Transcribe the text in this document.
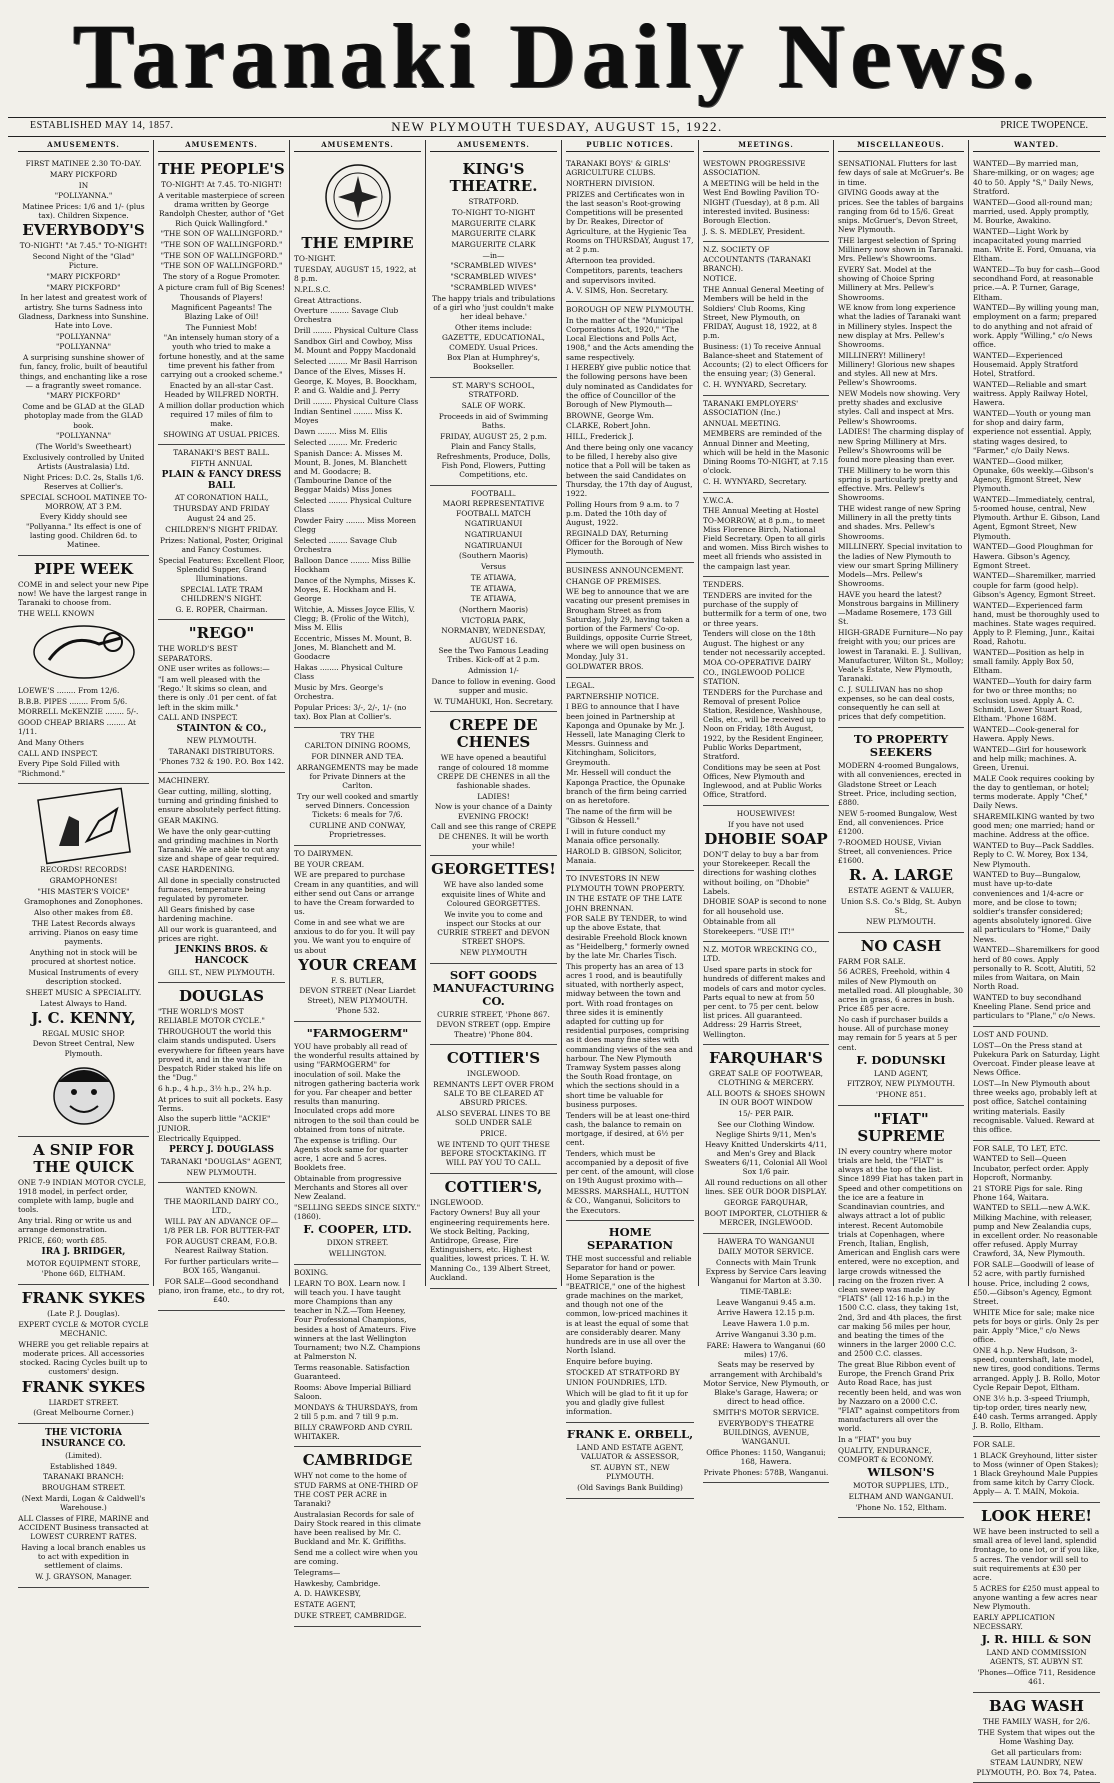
Taranaki Daily News.
ESTABLISHED MAY 14, 1857.	NEW PLYMOUTH TUESDAY, AUGUST 15, 1922.	PRICE TWOPENCE.
AMUSEMENTS.

FIRST MATINEE 2.30 TO-DAY.

MARY PICKFORD

IN

"POLLYANNA."

Matinee Prices: 1/6 and 1/- (plus tax). Children Sixpence.

EVERYBODY'S

TO-NIGHT! "At 7.45." TO-NIGHT!

Second Night of the "Glad" Picture.

"MARY PICKFORD"

"MARY PICKFORD"

In her latest and greatest work of artistry. She turns Sadness into Gladness, Darkness into Sunshine. Hate into Love.

"POLLYANNA"

"POLLYANNA"

A surprising sunshine shower of fun, fancy, frolic, built of beautiful things, and enchanting like a rose — a fragrantly sweet romance.

"MARY PICKFORD"

Come and be GLAD at the GLAD photoplay made from the GLAD book.

"POLLYANNA"

(The World's Sweetheart)

Exclusively controlled by United Artists (Australasia) Ltd.

Night Prices: D.C. 2s, Stalls 1/6. Reserves at Collier's.

SPECIAL SCHOOL MATINEE TO-MORROW, AT 3 P.M.

Every Kiddy should see "Pollyanna." Its effect is one of lasting good. Children 6d. to Matinee.

PIPE WEEK

COME in and select your new Pipe now! We have the largest range in Taranaki to choose from.

THE WELL KNOWN

LOEWE'S ........ From 12/6.

B.B.B. PIPES ........ From 5/6.

MORRELL McKENZIE ........ 5/-.

GOOD CHEAP BRIARS ........ At 1/11.

And Many Others

CALL AND INSPECT.

Every Pipe Sold Filled with "Richmond."

RECORDS! RECORDS!

GRAMOPHONES!

"HIS MASTER'S VOICE"

Gramophones and Zonophones.

Also other makes from £8.

THE Latest Records always arriving. Pianos on easy time payments.

Anything not in stock will be procured at shortest notice.

Musical Instruments of every description stocked.

SHEET MUSIC A SPECIALITY.

Latest Always to Hand.

J. C. KENNY,

REGAL MUSIC SHOP.

Devon Street Central, New Plymouth.

A SNIP FOR THE QUICK

ONE 7-9 INDIAN MOTOR CYCLE, 1918 model, in perfect order, complete with lamp, bugle and tools.

Any trial. Ring or write us and arrange demonstration.

PRICE, £60; worth £85.

IRA J. BRIDGER,

MOTOR EQUIPMENT STORE,

'Phone 66D, ELTHAM.

FRANK SYKES

(Late P. J. Douglas).

EXPERT CYCLE & MOTOR CYCLE MECHANIC.

WHERE you get reliable repairs at moderate prices. All accessories stocked. Racing Cycles built up to customers' design.

FRANK SYKES

LIARDET STREET.

(Great Melbourne Corner.)

THE VICTORIA INSURANCE CO.

(Limited).

Established 1849.

TARANAKI BRANCH:

BROUGHAM STREET.

(Next Mardi, Logan & Caldwell's Warehouse.)

ALL Classes of FIRE, MARINE and ACCIDENT Business transacted at LOWEST CURRENT RATES.

Having a local branch enables us to act with expedition in settlement of claims.

W. J. GRAYSON, Manager.

AMUSEMENTS.
THE PEOPLE'S

TO-NIGHT! At 7.45. TO-NIGHT!

A veritable masterpiece of screen drama written by George Randolph Chester, author of "Get Rich Quick Wallingford."

"THE SON OF WALLINGFORD."

"THE SON OF WALLINGFORD."

"THE SON OF WALLINGFORD."

"THE SON OF WALLINGFORD."

The story of a Rogue Promoter.

A picture cram full of Big Scenes!

Thousands of Players! Magnificent Pageants! The Blazing Lake of Oil!

The Funniest Mob!

"An intensely human story of a youth who tried to make a fortune honestly, and at the same time prevent his father from carrying out a crooked scheme."

Enacted by an all-star Cast. Headed by WILFRED NORTH.

A million dollar production which required 17 miles of film to make.

SHOWING AT USUAL PRICES.

TARANAKI'S BEST BALL.

FIFTH ANNUAL

PLAIN & FANCY DRESS BALL

AT CORONATION HALL,

THURSDAY AND FRIDAY

August 24 and 25.

CHILDREN'S NIGHT FRIDAY.

Prizes: National, Poster, Original and Fancy Costumes.

Special Features: Excellent Floor, Splendid Supper, Grand Illuminations.

SPECIAL LATE TRAM CHILDREN'S NIGHT.

G. E. ROPER, Chairman.

"REGO"

THE WORLD'S BEST SEPARATORS.

ONE user writes as follows:—

"I am well pleased with the 'Rego.' It skims so clean, and there is only .01 per cent. of fat left in the skim milk."

CALL AND INSPECT.

STAINTON & CO.,

NEW PLYMOUTH.

TARANAKI DISTRIBUTORS.

'Phones 732 & 190. P.O. Box 142.

MACHINERY.

Gear cutting, milling, slotting, turning and grinding finished to ensure absolutely perfect fitting.

GEAR MAKING.

We have the only gear-cutting and grinding machines in North Taranaki. We are able to cut any size and shape of gear required.

CASE HARDENING.

All done in specially constructed furnaces, temperature being regulated by pyrometer.

All Gears finished by case hardening machine.

All our work is guaranteed, and prices are right.

JENKINS BROS. & HANCOCK

GILL ST., NEW PLYMOUTH.

DOUGLAS

"THE WORLD'S MOST RELIABLE MOTOR CYCLE."

THROUGHOUT the world this claim stands undisputed. Users everywhere for fifteen years have proved it, and in the war the Despatch Rider staked his life on the "Dug."

6 h.p., 4 h.p., 3½ h.p., 2¾ h.p.

At prices to suit all pockets. Easy Terms.

Also the superb little "ACKIE" JUNIOR.

Electrically Equipped.

PERCY J. DOUGLASS

TARANAKI "DOUGLAS" AGENT,

NEW PLYMOUTH.

WANTED KNOWN.

THE MAORILAND DAIRY CO., LTD.,

WILL PAY AN ADVANCE OF— 1/8 PER LB. FOR BUTTER-FAT

FOR AUGUST CREAM, F.O.B. Nearest Railway Station.

For further particulars write— BOX 165, Wanganui.

FOR SALE—Good secondhand piano, iron frame, etc., to dry rot, £40.

AMUSEMENTS.
THE EMPIRE

TO-NIGHT.

TUESDAY, AUGUST 15, 1922, at 8 p.m.

N.P.L.S.C.

Great Attractions.

Overture ........ Savage Club Orchestra

Drill ........ Physical Culture Class

Sandbox Girl and Cowboy, Miss M. Mount and Poppy Macdonald

Selected ........ Mr Basil Harrison

Dance of the Elves, Misses H. George, K. Moyes, B. Boockham, P. and G. Waldie and J. Perry

Drill ........ Physical Culture Class

Indian Sentinel ........ Miss K. Moyes

Dawn ........ Miss M. Ellis

Selected ........ Mr. Frederic

Spanish Dance: A. Misses M. Mount, B. Jones, M. Blanchett and M. Goodacre; B. (Tambourine Dance of the Beggar Maids) Miss Jones

Selected ........ Physical Culture Class

Powder Fairy ........ Miss Moreen Clegg

Selected ........ Savage Club Orchestra

Balloon Dance ........ Miss Billie Hockham

Dance of the Nymphs, Misses K. Moyes, E. Hockham and H. George

Witchie, A. Misses Joyce Ellis, V. Clegg; B. (Frolic of the Witch), Miss M. Ellis

Eccentric, Misses M. Mount, B. Jones, M. Blanchett and M. Goodacre

Hakas ........ Physical Culture Class

Music by Mrs. George's Orchestra.

Popular Prices: 3/-, 2/-, 1/- (no tax). Box Plan at Collier's.

TRY THE

CARLTON DINING ROOMS,

FOR DINNER AND TEA.

ARRANGEMENTS may be made for Private Dinners at the Carlton.

Try our well cooked and smartly served Dinners. Concession Tickets: 6 meals for 7/6.

CURLINE AND CONWAY, Proprietresses.

TO DAIRYMEN.

BE YOUR CREAM.

WE are prepared to purchase Cream in any quantities, and will either send out Cans or arrange to have the Cream forwarded to us.

Come in and see what we are anxious to do for you. It will pay you. We want you to enquire of us about

YOUR CREAM

F. S. BUTLER,

DEVON STREET (Near Liardet Street), NEW PLYMOUTH.

'Phone 532.

"FARMOGERM"

YOU have probably all read of the wonderful results attained by using "FARMOGERM" for inoculation of soil. Make the nitrogen gathering bacteria work for you. Far cheaper and better results than manuring. Inoculated crops add more nitrogen to the soil than could be obtained from tons of nitrate.

The expense is trifling. Our Agents stock same for quarter acre, 1 acre and 5 acres. Booklets free.

Obtainable from progressive Merchants and Stores all over New Zealand.

"SELLING SEEDS SINCE SIXTY." (1860).

F. COOPER, LTD.

DIXON STREET.

WELLINGTON.

BOXING.

LEARN TO BOX. Learn now. I will teach you. I have taught more Champions than any teacher in N.Z.—Tom Heeney, Four Professional Champions, besides a host of Amateurs. Five winners at the last Wellington Tournament; two N.Z. Champions at Palmerston N.

Terms reasonable. Satisfaction Guaranteed.

Rooms: Above Imperial Billiard Saloon.

MONDAYS & THURSDAYS, from 2 till 5 p.m. and 7 till 9 p.m.

BILLY CRAWFORD AND CYRIL WHITAKER.

CAMBRIDGE

WHY not come to the home of STUD FARMS at ONE-THIRD OF THE COST PER ACRE in Taranaki?

Australasian Records for sale of Dairy Stock reared in this climate have been realised by Mr. C. Buckland and Mr. K. Griffiths.

Send me a collect wire when you are coming.

Telegrams—

Hawkesby, Cambridge.

A. D. HAWKESBY,

ESTATE AGENT,

DUKE STREET, CAMBRIDGE.

AMUSEMENTS.
KING'S THEATRE.

STRATFORD.

TO-NIGHT TO-NIGHT

MARGUERITE CLARK

MARGUERITE CLARK

MARGUERITE CLARK

—in—

"SCRAMBLED WIVES"

"SCRAMBLED WIVES"

"SCRAMBLED WIVES"

The happy trials and tribulations of a girl who 'just couldn't make her ideal behave.'

Other items include:

GAZETTE, EDUCATIONAL, COMEDY. Usual Prices.

Box Plan at Humphrey's, Bookseller.

ST. MARY'S SCHOOL, STRATFORD.

SALE OF WORK.

Proceeds in aid of Swimming Baths.

FRIDAY, AUGUST 25, 2 p.m.

Plain and Fancy Stalls, Refreshments, Produce, Dolls, Fish Pond, Flowers, Putting Competitions, etc.

FOOTBALL.

MAORI REPRESENTATIVE FOOTBALL MATCH

NGATIRUANUI

NGATIRUANUI

NGATIRUANUI

(Southern Maoris)

Versus

TE ATIAWA,

TE ATIAWA,

TE ATIAWA,

(Northern Maoris)

VICTORIA PARK,

NORMANBY, WEDNESDAY, AUGUST 16.

See the Two Famous Leading Tribes. Kick-off at 2 p.m.

Admission 1/-

Dance to follow in evening. Good supper and music.

W. TUMAHUKI, Hon. Secretary.

CREPE DE CHENES

WE have opened a beautiful range of coloured 18 momme CREPE DE CHENES in all the fashionable shades.

LADIES!

Now is your chance of a Dainty EVENING FROCK!

Call and see this range of CREPE DE CHENES. It will be worth your while!

GEORGETTES!

WE have also landed some exquisite lines of White and Coloured GEORGETTES.

We invite you to come and inspect our Stocks at our CURRIE STREET and DEVON STREET SHOPS.

NEW PLYMOUTH

SOFT GOODS MANUFACTURING CO.

CURRIE STREET, 'Phone 867.

DEVON STREET (opp. Empire Theatre) 'Phone 804.

COTTIER'S

INGLEWOOD.

REMNANTS LEFT OVER FROM SALE TO BE CLEARED AT ABSURD PRICES.

ALSO SEVERAL LINES TO BE SOLD UNDER SALE

PRICE.

WE INTEND TO QUIT THESE BEFORE STOCKTAKING. IT WILL PAY YOU TO CALL.

COTTIER'S,

INGLEWOOD.

Factory Owners! Buy all your engineering requirements here. We stock Belting, Packing, Antidrope, Grease, Fire Extinguishers, etc. Highest qualities, lowest prices. T. H. W. Manning Co., 139 Albert Street, Auckland.

PUBLIC NOTICES.

TARANAKI BOYS' & GIRLS' AGRICULTURE CLUBS.

NORTHERN DIVISION.

PRIZES and Certificates won in the last season's Root-growing Competitions will be presented by Dr. Reakes, Director of Agriculture, at the Hygienic Tea Rooms on THURSDAY, August 17, at 2 p.m.

Afternoon tea provided.

Competitors, parents, teachers and supervisors invited.

A. V. SIMS, Hon. Secretary.

BOROUGH OF NEW PLYMOUTH.

In the matter of the "Municipal Corporations Act, 1920," "The Local Elections and Polls Act, 1908," and the Acts amending the same respectively.

I HEREBY give public notice that the following persons have been duly nominated as Candidates for the office of Councillor of the Borough of New Plymouth—

BROWNE, George Wm.

CLARKE, Robert John.

HILL, Frederick J.

And there being only one vacancy to be filled, I hereby also give notice that a Poll will be taken as between the said Candidates on Thursday, the 17th day of August, 1922.

Polling Hours from 9 a.m. to 7 p.m. Dated the 10th day of August, 1922.

REGINALD DAY, Returning Officer for the Borough of New Plymouth.

BUSINESS ANNOUNCEMENT.

CHANGE OF PREMISES.

WE beg to announce that we are vacating our present premises in Brougham Street as from Saturday, July 29, having taken a portion of the Farmers' Co-op. Buildings, opposite Currie Street, where we will open business on Monday, July 31.

GOLDWATER BROS.

LEGAL.

PARTNERSHIP NOTICE.

I BEG to announce that I have been joined in Partnership at Kaponga and Opunake by Mr. J. Hessell, late Managing Clerk to Messrs. Guinness and Kitchingham, Solicitors, Greymouth.

Mr. Hessell will conduct the Kaponga Practice, the Opunake branch of the firm being carried on as heretofore.

The name of the firm will be "Gibson & Hessell."

I will in future conduct my Manaia office personally.

HAROLD B. GIBSON, Solicitor, Manaia.

TO INVESTORS IN NEW PLYMOUTH TOWN PROPERTY.

IN THE ESTATE OF THE LATE JOHN BRENNAN.

FOR SALE BY TENDER, to wind up the above Estate, that desirable Freehold Block known as "Heidelberg," formerly owned by the late Mr. Charles Tisch.

This property has an area of 13 acres 1 rood, and is beautifully situated, with northerly aspect, midway between the town and port. With road frontages on three sides it is eminently adapted for cutting up for residential purposes, comprising as it does many fine sites with commanding views of the sea and harbour. The New Plymouth Tramway System passes along the South Road frontage, on which the sections should in a short time be valuable for business purposes.

Tenders will be at least one-third cash, the balance to remain on mortgage, if desired, at 6½ per cent.

Tenders, which must be accompanied by a deposit of five per cent. of the amount, will close on 19th August proximo with—

MESSRS. MARSHALL, HUTTON & CO., Wanganui, Solicitors to the Executors.

HOME SEPARATION

THE most successful and reliable Separator for hand or power. Home Separation is the "BEATRICE," one of the highest grade machines on the market, and though not one of the common, low-priced machines it is at least the equal of some that are considerably dearer. Many hundreds are in use all over the North Island.

Enquire before buying.

STOCKED AT STRATFORD BY

UNION FOUNDRIES, LTD.

Which will be glad to fit it up for you and gladly give fullest information.

FRANK E. ORBELL,

LAND AND ESTATE AGENT, VALUATOR & ASSESSOR,

ST. AUBYN ST., NEW PLYMOUTH.

(Old Savings Bank Building)

MEETINGS.

WESTOWN PROGRESSIVE ASSOCIATION.

A MEETING will be held in the West End Bowling Pavilion TO-NIGHT (Tuesday), at 8 p.m. All interested invited. Business: Borough Election.

J. S. S. MEDLEY, President.

N.Z. SOCIETY OF ACCOUNTANTS (TARANAKI BRANCH).

NOTICE.

THE Annual General Meeting of Members will be held in the Soldiers' Club Rooms, King Street, New Plymouth, on FRIDAY, August 18, 1922, at 8 p.m.

Business: (1) To receive Annual Balance-sheet and Statement of Accounts; (2) to elect Officers for the ensuing year; (3) General.

C. H. WYNYARD, Secretary.

TARANAKI EMPLOYERS' ASSOCIATION (Inc.)

ANNUAL MEETING.

MEMBERS are reminded of the Annual Dinner and Meeting, which will be held in the Masonic Dining Rooms TO-NIGHT, at 7.15 o'clock.

C. H. WYNYARD, Secretary.

Y.W.C.A.

THE Annual Meeting at Hostel TO-MORROW, at 8 p.m., to meet Miss Florence Birch, National Field Secretary. Open to all girls and women. Miss Birch wishes to meet all friends who assisted in the campaign last year.

TENDERS.

TENDERS are invited for the purchase of the supply of buttermilk for a term of one, two or three years.

Tenders will close on the 18th August. The highest or any tender not necessarily accepted.

MOA CO-OPERATIVE DAIRY CO., INGLEWOOD POLICE STATION.

TENDERS for the Purchase and Removal of present Police Station, Residence, Washhouse, Cells, etc., will be received up to Noon on Friday, 18th August, 1922, by the Resident Engineer, Public Works Department, Stratford.

Conditions may be seen at Post Offices, New Plymouth and Inglewood, and at Public Works Office, Stratford.

HOUSEWIVES!

If you have not used

DHOBIE SOAP

DON'T delay to buy a bar from your Storekeeper. Recall the directions for washing clothes without boiling, on "Dhobie" Labels.

DHOBIE SOAP is second to none for all household use.

Obtainable from all Storekeepers. "USE IT!"

N.Z. MOTOR WRECKING CO., LTD.

Used spare parts in stock for hundreds of different makes and models of cars and motor cycles. Parts equal to new at from 50 per cent. to 75 per cent. below list prices. All guaranteed. Address: 29 Harris Street, Wellington.

FARQUHAR'S

GREAT SALE OF FOOTWEAR, CLOTHING & MERCERY.

ALL BOOTS & SHOES SHOWN IN OUR BOOT WINDOW

15/- PER PAIR.

See our Clothing Window.

Neglige Shirts 9/11, Men's Heavy Knitted Underskirts 4/11, and Men's Grey and Black Sweaters 6/11, Colonial All Wool Sox 1/6 pair.

All round reductions on all other lines. SEE OUR DOOR DISPLAY.

GEORGE FARQUHAR,

BOOT IMPORTER, CLOTHIER & MERCER, INGLEWOOD.

HAWERA TO WANGANUI

DAILY MOTOR SERVICE.

Connects with Main Trunk Express by Service Cars leaving Wanganui for Marton at 3.30.

TIME-TABLE:

Leave Wanganui 9.45 a.m.

Arrive Hawera 12.15 p.m.

Leave Hawera 1.0 p.m.

Arrive Wanganui 3.30 p.m.

FARE: Hawera to Wanganui (60 miles) 17/6.

Seats may be reserved by arrangement with Archibald's Motor Service, New Plymouth, or Blake's Garage, Hawera; or direct to head office.

SMITH'S MOTOR SERVICE.

EVERYBODY'S THEATRE BUILDINGS, AVENUE, WANGANUI.

Office Phones: 1150, Wanganui; 168, Hawera.

Private Phones: 578B, Wanganui.

MISCELLANEOUS.

SENSATIONAL Flutters for last few days of sale at McGruer's. Be in time.

GIVING Goods away at the prices. See the tables of bargains ranging from 6d to 15/6. Great snips. McGruer's, Devon Street, New Plymouth.

THE largest selection of Spring Millinery now shown in Taranaki. Mrs. Pellew's Showrooms.

EVERY Sat. Model at the showing of Choice Spring Millinery at Mrs. Pellew's Showrooms.

WE know from long experience what the ladies of Taranaki want in Millinery styles. Inspect the new display at Mrs. Pellew's Showrooms.

MILLINERY! Millinery! Millinery! Glorious new shapes and styles. All new at Mrs. Pellew's Showrooms.

NEW Models now showing. Very pretty shades and exclusive styles. Call and inspect at Mrs. Pellew's Showrooms.

LADIES! The charming display of new Spring Millinery at Mrs. Pellew's Showrooms will be found more pleasing than ever.

THE Millinery to be worn this spring is particularly pretty and effective. Mrs. Pellew's Showrooms.

THE widest range of new Spring Millinery in all the pretty tints and shades. Mrs. Pellew's Showrooms.

MILLINERY. Special invitation to the ladies of New Plymouth to view our smart Spring Millinery Models—Mrs. Pellew's Showrooms.

HAVE you heard the latest? Monstrous bargains in Millinery—Madame Rosemere, 173 Gill St.

HIGH-GRADE Furniture—No pay freight with you; our prices are lowest in Taranaki. E. J. Sullivan, Manufacturer, Wilton St., Molloy; Veale's Estate, New Plymouth, Taranaki.

C. J. SULLIVAN has no shop expenses, so he can deal costs, consequently he can sell at prices that defy competition.

TO PROPERTY SEEKERS

MODERN 4-roomed Bungalows, with all conveniences, erected in Gladstone Street or Leach Street. Price, including section, £880.

NEW 5-roomed Bungalow, West End, all conveniences. Price £1200.

7-ROOMED HOUSE, Vivian Street, all conveniences. Price £1600.

R. A. LARGE

ESTATE AGENT & VALUER,

Union S.S. Co.'s Bldg, St. Aubyn St.,

NEW PLYMOUTH.

NO CASH

FARM FOR SALE.

56 ACRES, Freehold, within 4 miles of New Plymouth on metalled road. All ploughable, 30 acres in grass, 6 acres in bush. Price £85 per acre.

No cash if purchaser builds a house. All of purchase money may remain for 5 years at 5 per cent.

F. DODUNSKI

LAND AGENT,

FITZROY, NEW PLYMOUTH.

'PHONE 851.

"FIAT" SUPREME

IN every country where motor trials are held, the "FIAT" is always at the top of the list. Since 1899 Fiat has taken part in Speed and other competitions on the ice are a feature in Scandinavian countries, and always attract a lot of public interest. Recent Automobile trials at Copenhagen, where French, Italian, English, American and English cars were entered, were no exception, and large crowds witnessed the racing on the frozen river. A clean sweep was made by "FIATS" (all 12-16 h.p.) in the 1500 C.C. class, they taking 1st, 2nd, 3rd and 4th places, the first car making 56 miles per hour, and beating the times of the winners in the larger 2000 C.C. and 2500 C.C. classes.

The great Blue Ribbon event of Europe, the French Grand Prix Auto Road Race, has just recently been held, and was won by Nazzaro on a 2000 C.C. "FIAT" against competitors from manufacturers all over the world.

In a "FIAT" you buy

QUALITY, ENDURANCE, COMFORT & ECONOMY.

WILSON'S

MOTOR SUPPLIES, LTD.,

ELTHAM AND WANGANUI.

'Phone No. 152, Eltham.

WANTED.

WANTED—By married man, Share-milking, or on wages; age 40 to 50. Apply "S," Daily News, Stratford.

WANTED—Good all-round man; married, used. Apply promptly, M. Bourke, Awakino.

WANTED—Light Work by incapacitated young married man. Write E. Ford, Omuana, via Eltham.

WANTED—To buy for cash—Good secondhand Ford, at reasonable price.—A. P. Turner, Garage, Eltham.

WANTED—By willing young man, employment on a farm; prepared to do anything and not afraid of work. Apply "Willing," c/o News office.

WANTED—Experienced Housemaid. Apply Stratford Hotel, Stratford.

WANTED—Reliable and smart waitress. Apply Railway Hotel, Hawera.

WANTED—Youth or young man for shop and dairy farm, experience not essential. Apply, stating wages desired, to "Farmer," c/o Daily News.

WANTED—Good milker, Opunake, 60s weekly.—Gibson's Agency, Egmont Street, New Plymouth.

WANTED—Immediately, central, 5-roomed house, central, New Plymouth. Arthur E. Gibson, Land Agent, Egmont Street, New Plymouth.

WANTED—Good Ploughman for Hawera. Gibson's Agency, Egmont Street.

WANTED—Sharemilker, married couple for farm (good help). Gibson's Agency, Egmont Street.

WANTED—Experienced farm hand, must be thoroughly used to machines. State wages required. Apply to P. Fleming, Junr., Kaitai Road, Rahotu.

WANTED—Position as help in small family. Apply Box 50, Eltham.

WANTED—Youth for dairy farm for two or three months; no exclusion used. Apply A. C. Schmidt, Lower Stuart Road, Eltham. 'Phone 168M.

WANTED—Cook-general for Hawera. Apply News.

WANTED—Girl for housework and help milk; machines. A. Green, Urenui.

MALE Cook requires cooking by the day to gentleman, or hotel; terms moderate. Apply "Chef," Daily News.

SHAREMILKING wanted by two good men; one married; hand or machine. Address at the office.

WANTED to Buy—Pack Saddles. Reply to C. W. Morey, Box 134, New Plymouth.

WANTED to Buy—Bungalow, must have up-to-date conveniences and 1/4-acre or more, and be close to town; soldier's transfer considered; agents absolutely ignored. Give all particulars to "Home," Daily News.

WANTED—Sharemilkers for good herd of 80 cows. Apply personally to R. Scott, Alutiti, 52 miles from Waitara, on Main North Road.

WANTED to buy secondhand Kneeling Plane. Send price and particulars to "Plane," c/o News.

LOST AND FOUND.

LOST—On the Press stand at Pukekura Park on Saturday, Light Overcoat. Finder please leave at News Office.

LOST—In New Plymouth about three weeks ago, probably left at post office, Satchel containing writing materials. Easily recognisable. Valued. Reward at this office.

FOR SALE, TO LET, ETC.

WANTED to Sell—Queen Incubator, perfect order. Apply Hopcroft, Normanby.

21 STORE Pigs for sale. Ring Phone 164, Waitara.

WANTED to SELL—new A.W.K. Milking Machine, with releaser, pump and New Zealandia cups, in excellent order. No reasonable offer refused. Apply Murray Crawford, 3A, New Plymouth.

FOR SALE—Goodwill of lease of 52 acre, with partly furnished house. Price, including 2 cows, £50.—Gibson's Agency, Egmont Street.

WHITE Mice for sale; make nice pets for boys or girls. Only 2s per pair. Apply "Mice," c/o News office.

ONE 4 h.p. New Hudson, 3-speed, countershaft, late model, new tires, good conditions. Terms arranged. Apply J. B. Rollo, Motor Cycle Repair Depot, Eltham.

ONE 3½ h.p. 3-speed Triumph, tip-top order, tires nearly new, £40 cash. Terms arranged. Apply J. B. Rollo, Eltham.

FOR SALE.

1 BLACK Greyhound, litter sister to Moss (winner of Open Stakes); 1 Black Greyhound Male Puppies from same kitch by Carry Clock. Apply— A. T. MAIN, Mokoia.

LOOK HERE!

WE have been instructed to sell a small area of level land, splendid frontage, to one lot, or if you like, 5 acres. The vendor will sell to suit requirements at £30 per acre.

5 ACRES for £250 must appeal to anyone wanting a few acres near New Plymouth.

EARLY APPLICATION NECESSARY.

J. R. HILL & SON

LAND AND COMMISSION AGENTS, ST. AUBYN ST.

'Phones—Office 711, Residence 461.

BAG WASH

THE FAMILY WASH, for 2/6.

THE System that wipes out the Home Washing Day.

Get all particulars from:

STEAM LAUNDRY, NEW PLYMOUTH, P.O. Box 74, Patea.
